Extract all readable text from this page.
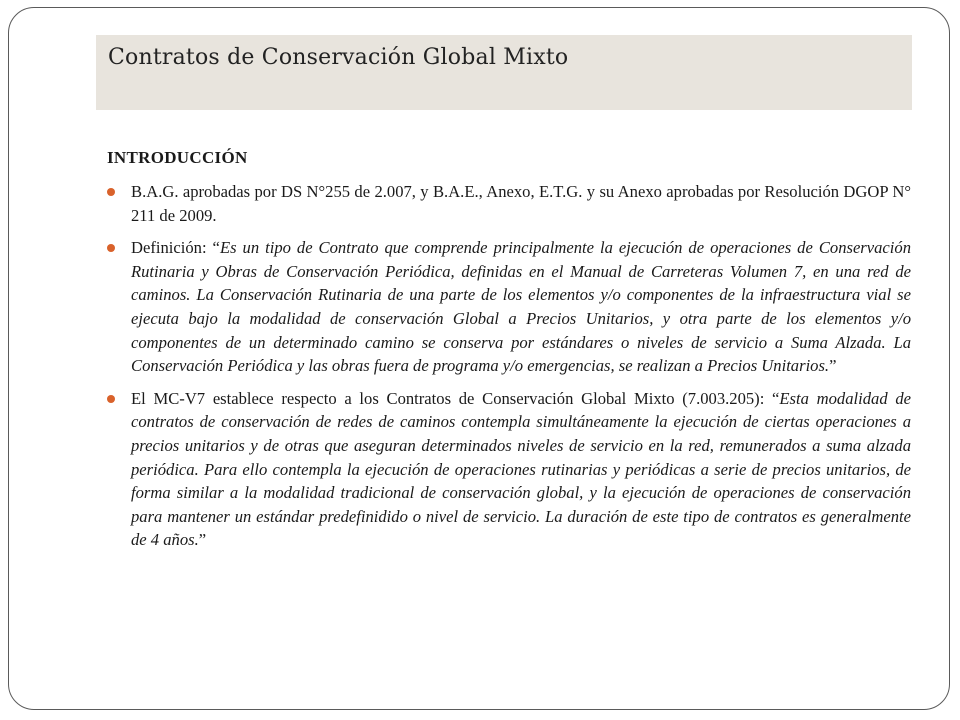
Contratos de Conservación Global Mixto
INTRODUCCIÓN
B.A.G. aprobadas por DS N°255 de 2.007, y B.A.E., Anexo, E.T.G. y su Anexo aprobadas por Resolución DGOP N° 211 de 2009.
Definición: “Es un tipo de Contrato que comprende principalmente la ejecución de operaciones de Conservación Rutinaria y Obras de Conservación Periódica, definidas en el Manual de Carreteras Volumen 7, en una red de caminos. La Conservación Rutinaria de una parte de los elementos y/o componentes de la infraestructura vial se ejecuta bajo la modalidad de conservación Global a Precios Unitarios, y otra parte de los elementos y/o componentes de un determinado camino se conserva por estándares o niveles de servicio a Suma Alzada. La Conservación Periódica y las obras fuera de programa y/o emergencias, se realizan a Precios Unitarios.”
El MC-V7 establece respecto a los Contratos de Conservación Global Mixto (7.003.205): “Esta modalidad de contratos de conservación de redes de caminos contempla simultáneamente la ejecución de ciertas operaciones a precios unitarios y de otras que aseguran determinados niveles de servicio en la red, remunerados a suma alzada periódica. Para ello contempla la ejecución de operaciones rutinarias y periódicas a serie de precios unitarios, de forma similar a la modalidad tradicional de conservación global, y la ejecución de operaciones de conservación para mantener un estándar predefinidido o nivel de servicio. La duración de este tipo de contratos es generalmente de 4 años.”
